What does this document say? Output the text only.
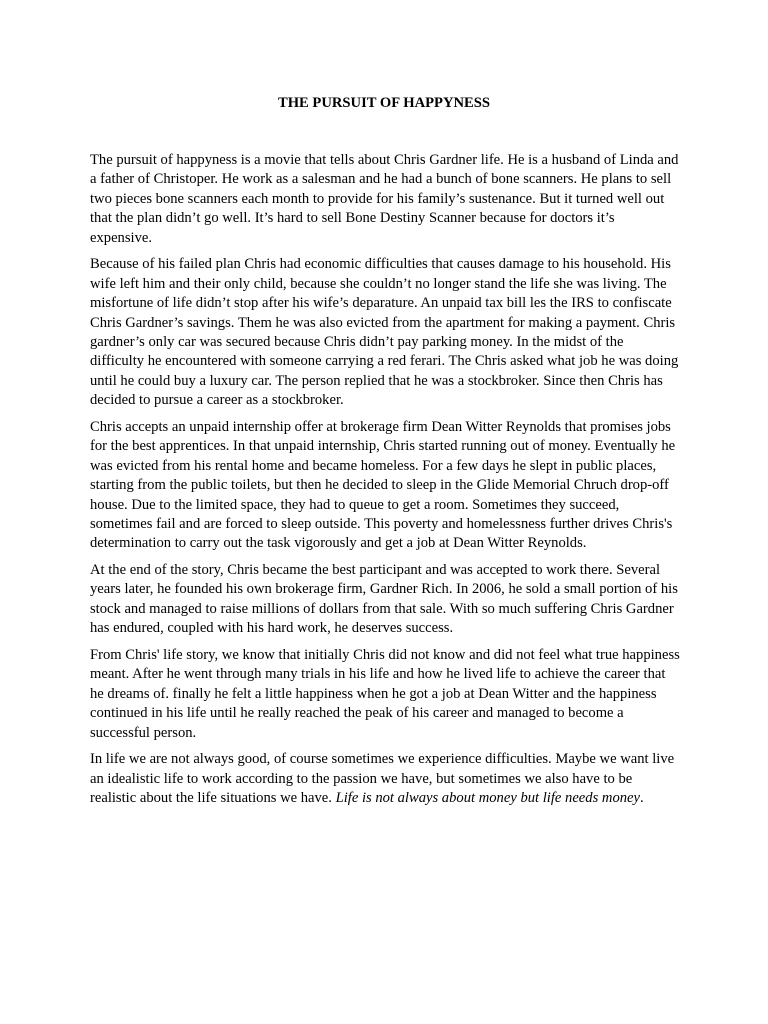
THE PURSUIT OF HAPPYNESS

The pursuit of happyness is a movie that tells about Chris Gardner life. He is a husband of Linda and a father of Christoper. He work as a salesman and he had a bunch of bone scanners. He plans to sell two pieces bone scanners each month to provide for his family’s sustenance. But it turned well out that the plan didn’t go well. It’s hard to sell Bone Destiny Scanner because for doctors it’s expensive.

Because of his failed plan Chris had economic difficulties that causes damage to his household. His wife left him and their only child, because she couldn’t no longer stand the life she was living. The misfortune of life didn’t stop after his wife’s deparature. An unpaid tax bill les the IRS to confiscate Chris Gardner’s savings. Them he was also evicted from the apartment for making a payment. Chris gardner’s only car was secured because Chris didn’t pay parking money. In the midst of the difficulty he encountered with someone carrying a red ferari. The Chris asked what job he was doing until he could buy a luxury car. The person replied that he was a stockbroker. Since then Chris has decided to pursue a career as a stockbroker.

Chris accepts an unpaid internship offer at brokerage firm Dean Witter Reynolds that promises jobs for the best apprentices. In that unpaid internship, Chris started running out of money. Eventually he was evicted from his rental home and became homeless. For a few days he slept in public places, starting from the public toilets, but then he decided to sleep in the Glide Memorial Chruch drop-off house. Due to the limited space, they had to queue to get a room. Sometimes they succeed, sometimes fail and are forced to sleep outside. This poverty and homelessness further drives Chris's determination to carry out the task vigorously and get a job at Dean Witter Reynolds.

At the end of the story, Chris became the best participant and was accepted to work there. Several years later, he founded his own brokerage firm, Gardner Rich. In 2006, he sold a small portion of his stock and managed to raise millions of dollars from that sale. With so much suffering Chris Gardner has endured, coupled with his hard work, he deserves success.

From Chris' life story, we know that initially Chris did not know and did not feel what true happiness meant. After he went through many trials in his life and how he lived life to achieve the career that he dreams of. finally he felt a little happiness when he got a job at Dean Witter and the happiness continued in his life until he really reached the peak of his career and managed to become a successful person.

In life we are not always good, of course sometimes we experience difficulties. Maybe we want live an idealistic life to work according to the passion we have, but sometimes we also have to be realistic about the life situations we have. Life is not always about money but life needs money.
